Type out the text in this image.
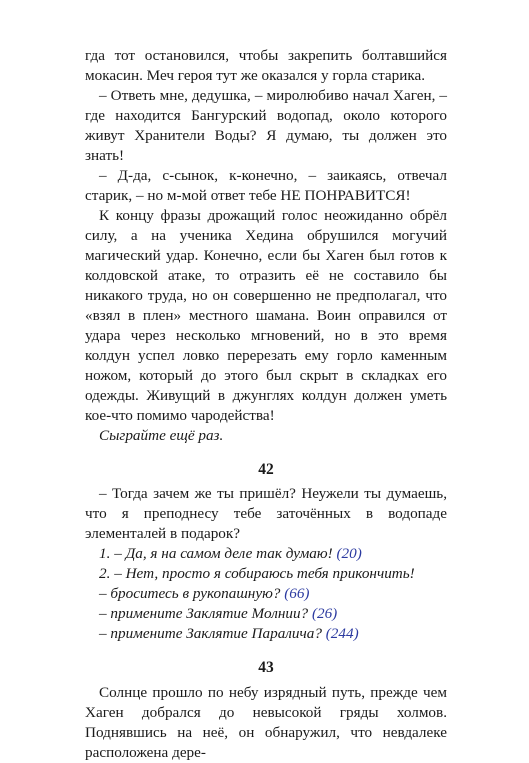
гда тот остановился, чтобы закрепить болтавшийся мокасин. Меч героя тут же оказался у горла старика.

– Ответь мне, дедушка, – миролюбиво начал Хаген, – где находится Бангурский водопад, около которого живут Хранители Воды? Я думаю, ты должен это знать!

– Д-да, с-сынок, к-конечно, – заикаясь, отвечал старик, – но м-мой ответ тебе НЕ ПОНРАВИТСЯ!

К концу фразы дрожащий голос неожиданно обрёл силу, а на ученика Хедина обрушился могучий магический удар. Конечно, если бы Хаген был готов к колдовской атаке, то отразить её не составило бы никакого труда, но он совершенно не предполагал, что «взял в плен» местного шамана. Воин оправился от удара через несколько мгновений, но в это время колдун успел ловко перерезать ему горло каменным ножом, который до этого был скрыт в складках его одежды. Живущий в джунглях колдун должен уметь кое-что помимо чародейства!

Сыграйте ещё раз.

42

– Тогда зачем же ты пришёл? Неужели ты думаешь, что я преподнесу тебе заточённых в водопаде элементалей в подарок?

1. – Да, я на самом деле так думаю! (20)
2. – Нет, просто я собираюсь тебя прикончить!
– броситесь в рукопашную? (66)
– примените Заклятие Молнии? (26)
– примените Заклятие Паралича? (244)

43

Солнце прошло по небу изрядный путь, прежде чем Хаген добрался до невысокой гряды холмов. Поднявшись на неё, он обнаружил, что невдалеке расположена дере-
